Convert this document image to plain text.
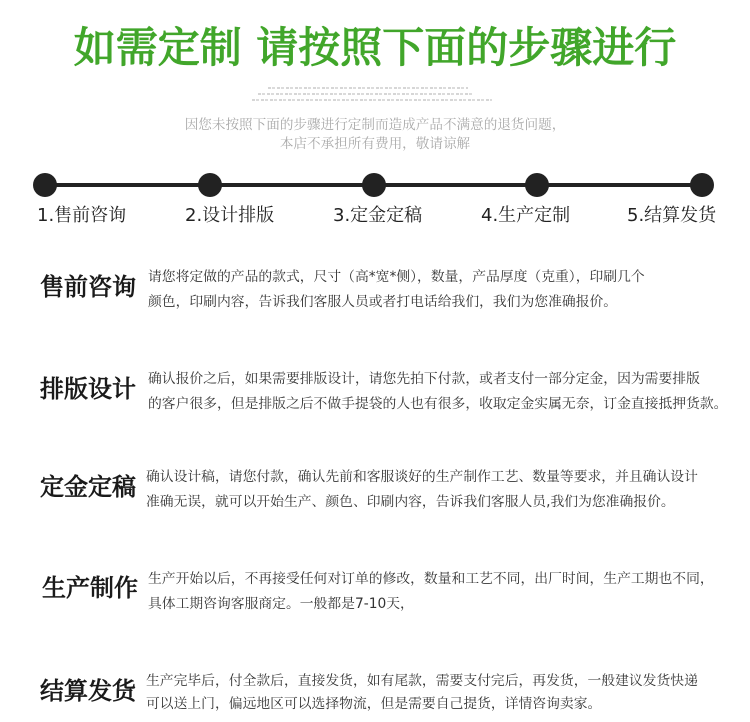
如需定制 请按照下面的步骤进行
因您未按照下面的步骤进行定制而造成产品不满意的退货问题，
本店不承担所有费用，敬请谅解
1.售前咨询	2.设计排版	3.定金定稿	4.生产定制	5.结算发货
售前咨询 请您将定做的产品的款式，尺寸（高*宽*侧），数量，产品厚度（克重），印刷几个
颜色，印刷内容，告诉我们客服人员或者打电话给我们，我们为您准确报价。
排版设计 确认报价之后，如果需要排版设计，请您先拍下付款，或者支付一部分定金，因为需要排版
的客户很多，但是排版之后不做手提袋的人也有很多，收取定金实属无奈，订金直接抵押货款。
定金定稿 确认设计稿，请您付款，确认先前和客服谈好的生产制作工艺、数量等要求，并且确认设计
准确无误，就可以开始生产、颜色、印刷内容，告诉我们客服人员,我们为您准确报价。
生产制作 生产开始以后，不再接受任何对订单的修改，数量和工艺不同，出厂时间，生产工期也不同，
具体工期咨询客服商定。一般都是7-10天，
结算发货 生产完毕后，付全款后，直接发货，如有尾款，需要支付完后，再发货，一般建议发货快递
可以送上门，偏远地区可以选择物流，但是需要自己提货，详情咨询卖家。
